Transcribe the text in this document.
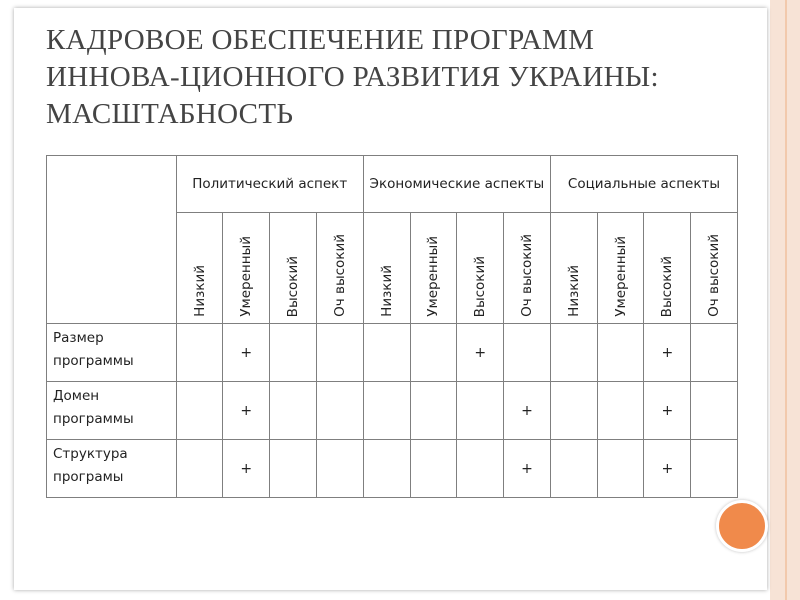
КАДРОВОЕ ОБЕСПЕЧЕНИЕ ПРОГРАММ ИННОВА-ЦИОННОГО РАЗВИТИЯ УКРАИНЫ: МАСШТАБНОСТЬ
	Политический аспект				Экономические аспекты				Социальные аспекты			

	Низкий	Умеренный	Высокий	Оч высокий	Низкий	Умеренный	Высокий	Оч высокий	Низкий	Умеренный	Высокий	Оч высокий

Размер программы		+					+				+	
Домен программы		+						+			+	
Структура програмы		+						+			+	
